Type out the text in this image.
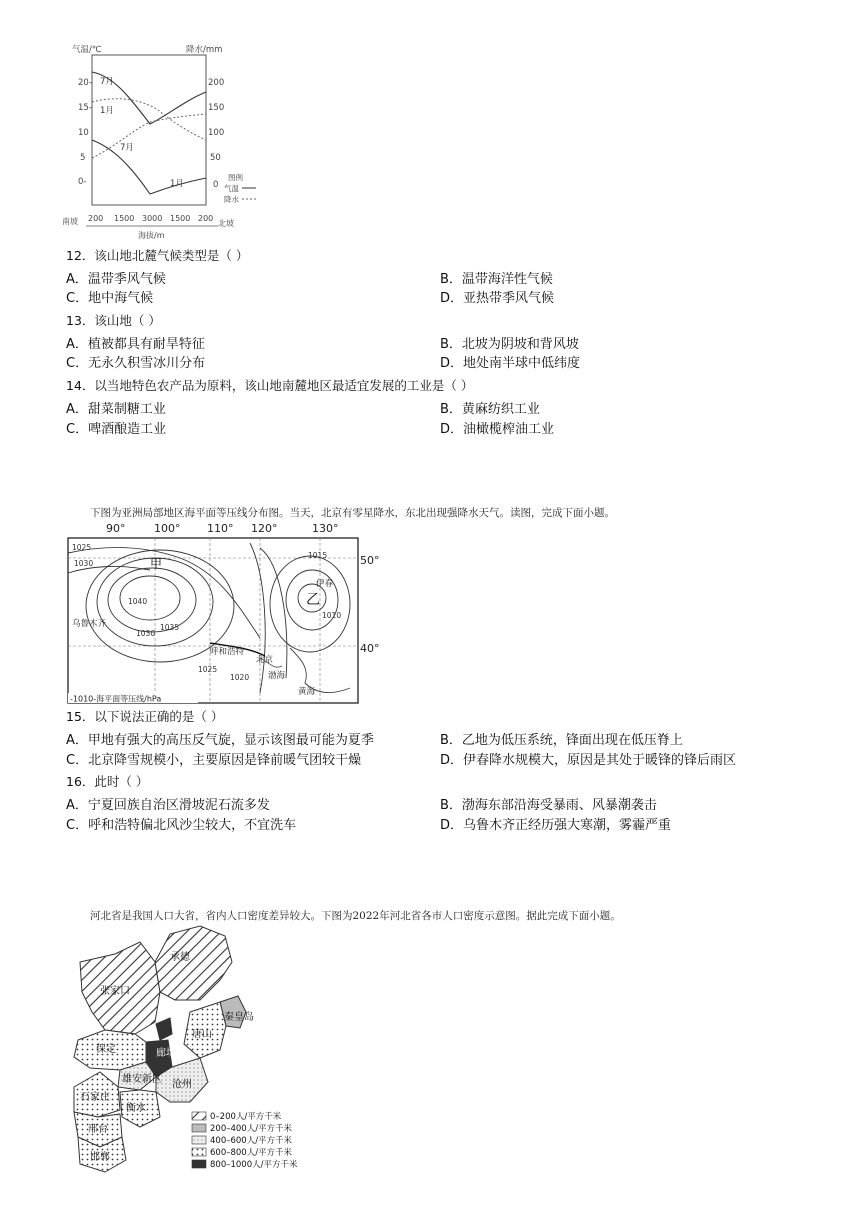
气温/℃	降水/mm
20-
15-
10
5
0-
200
150
100
50
0
7月
1月
7月
1月
图例
气温
降水
南坡 200 1500 3000 1500 200
北坡
海拔/m
12．该山地北麓气候类型是（ ）
A．温带季风气候	B．温带海洋性气候
C．地中海气候	D．亚热带季风气候
13．该山地（ ）
A．植被都具有耐旱特征	B．北坡为阴坡和背风坡
C．无永久积雪冰川分布	D．地处南半球中低纬度
14．以当地特色农产品为原料，该山地南麓地区最适宜发展的工业是（ ）
A．甜菜制糖工业	B．黄麻纺织工业
C．啤酒酿造工业	D．油橄榄榨油工业
下图为亚洲局部地区海平面等压线分布图。当天，北京有零星降水，东北出现强降水天气。读图，完成下面小题。
90°	100° 110° 120°	130°
50°
40°
甲
乙
乌鲁木齐
呼和浩特
北京
伊春
黄海
渤海
1025
1030
1040
1035
1030
1015
1010
1025
1020
-1010-海平面等压线/hPa
15．以下说法正确的是（ ）
A．甲地有强大的高压反气旋，显示该图最可能为夏季	B．乙地为低压系统，锋面出现在低压脊上
C．北京降雪规模小，主要原因是锋前暖气团较干燥	D．伊春降水规模大，原因是其处于暖锋的锋后雨区
16．此时（ ）
A．宁夏回族自治区滑坡泥石流多发	B．渤海东部沿海受暴雨、风暴潮袭击
C．呼和浩特偏北风沙尘较大，不宜洗车	D．乌鲁木齐正经历强大寒潮，雾霾严重
河北省是我国人口大省，省内人口密度差异较大。下图为2022年河北省各市人口密度示意图。据此完成下面小题。
承德
张家口
秦皇岛
唐山
廊坊
保定
雄安新区 沧州
石家庄
衡水
邢台
邯郸
0–200人/平方千米
200–400人/平方千米
400–600人/平方千米
600–800人/平方千米
800–1000人/平方千米
